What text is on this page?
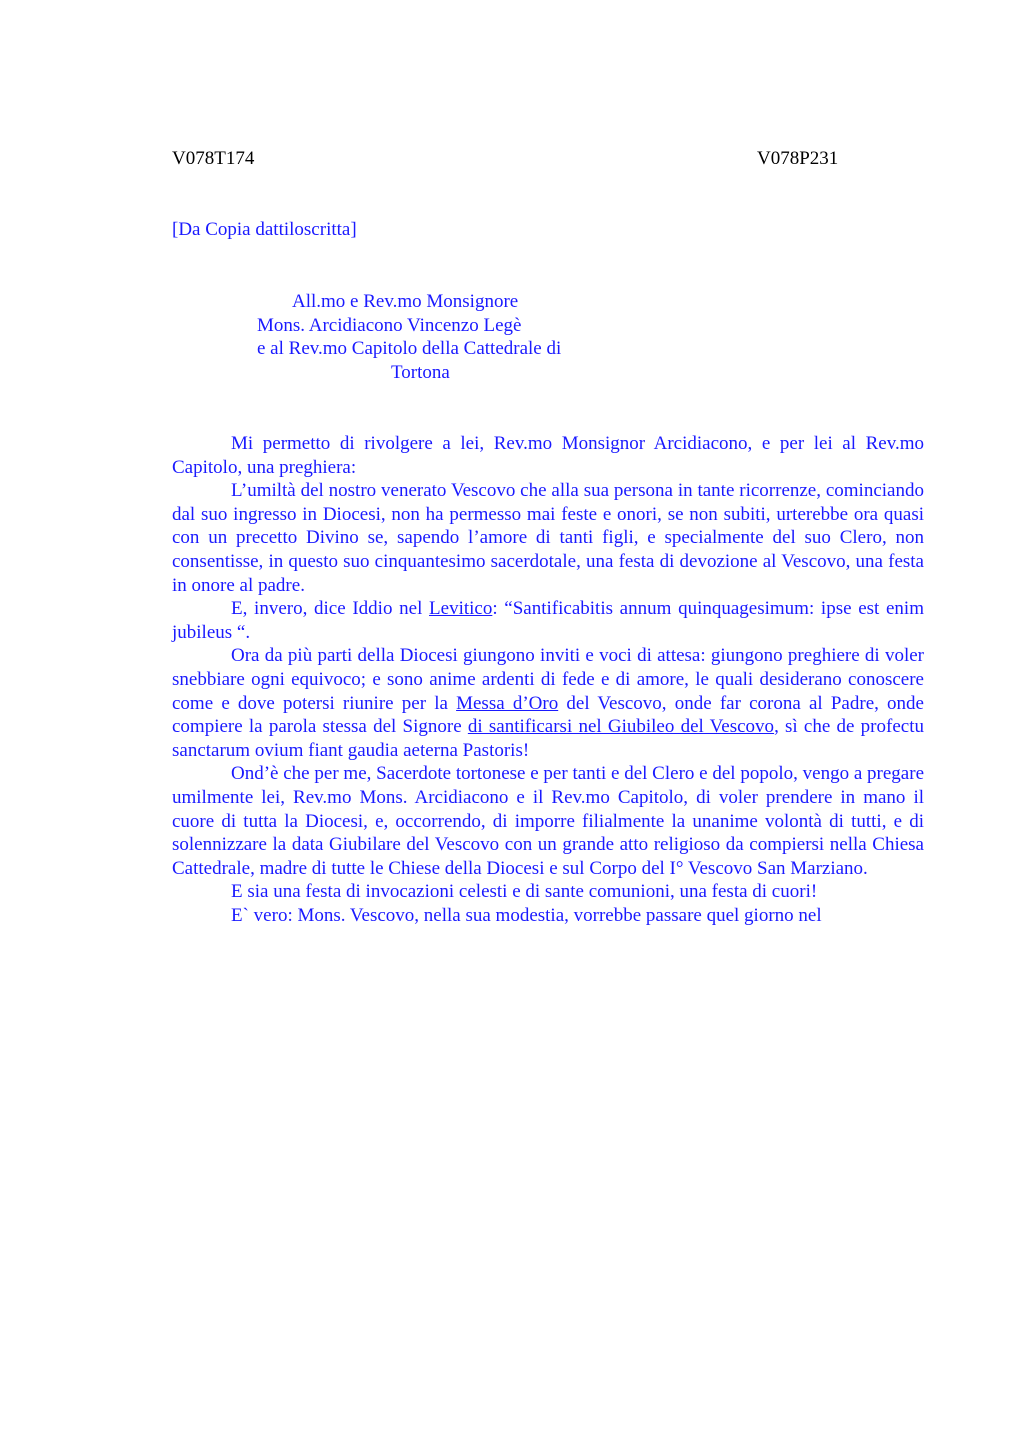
V078T174	V078P231
[Da Copia dattiloscritta]
All.mo e Rev.mo Monsignore
Mons. Arcidiacono Vincenzo Legè
e al Rev.mo Capitolo della Cattedrale di
Tortona

Mi permetto di rivolgere a lei, Rev.mo Monsignor Arcidiacono, e per lei al Rev.mo Capitolo, una preghiera:

L’umiltà del nostro venerato Vescovo che alla sua persona in tante ricorrenze, cominciando dal suo ingresso in Diocesi, non ha permesso mai feste e onori, se non subiti, urterebbe ora quasi con un precetto Divino se, sapendo l’amore di tanti figli, e specialmente del suo Clero, non consentisse, in questo suo cinquantesimo sacerdotale, una festa di devozione al Vescovo, una festa in onore al padre.

E, invero, dice Iddio nel Levitico: “Santificabitis annum quinquagesimum: ipse est enim jubileus “.

Ora da più parti della Diocesi giungono inviti e voci di attesa: giungono preghiere di voler snebbiare ogni equivoco; e sono anime ardenti di fede e di amore, le quali desiderano conoscere come e dove potersi riunire per la Messa d’Oro del Vescovo, onde far corona al Padre, onde compiere la parola stessa del Signore di santificarsi nel Giubileo del Vescovo, sì che de profectu sanctarum ovium fiant gaudia aeterna Pastoris!

Ond’è che per me, Sacerdote tortonese e per tanti e del Clero e del popolo, vengo a pregare umilmente lei, Rev.mo Mons. Arcidiacono e il Rev.mo Capitolo, di voler prendere in mano il cuore di tutta la Diocesi, e, occorrendo, di imporre filialmente la unanime volontà di tutti, e di solennizzare la data Giubilare del Vescovo con un grande atto religioso da compiersi nella Chiesa Cattedrale, madre di tutte le Chiese della Diocesi e sul Corpo del I° Vescovo San Marziano.

E sia una festa di invocazioni celesti e di sante comunioni, una festa di cuori!

E` vero: Mons. Vescovo, nella sua modestia, vorrebbe passare quel giorno nel
